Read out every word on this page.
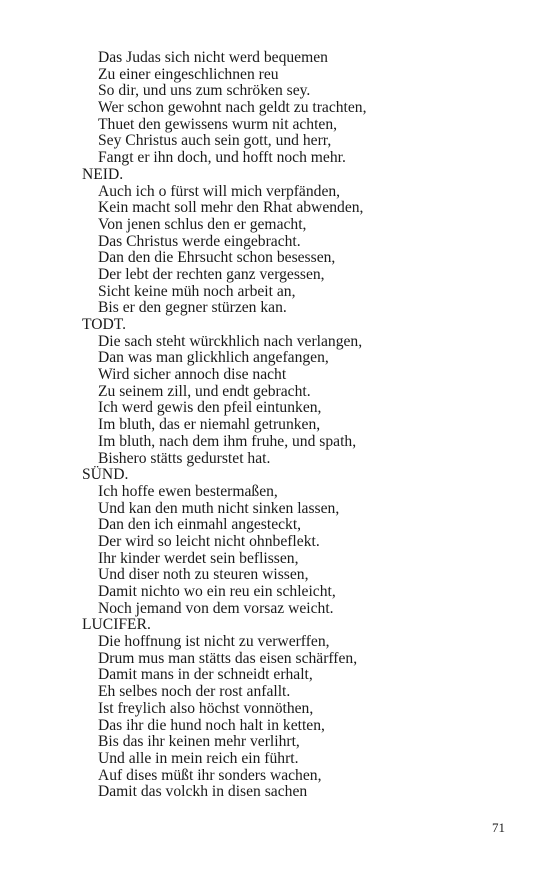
Das Judas sich nicht werd bequemen

Zu einer eingeschlichnen reu

So dir, und uns zum schröken sey.

Wer schon gewohnt nach geldt zu trachten,

Thuet den gewissens wurm nit achten,

Sey Christus auch sein gott, und herr,

Fangt er ihn doch, und hofft noch mehr.

NEID.

Auch ich o fürst will mich verpfänden,

Kein macht soll mehr den Rhat abwenden,

Von jenen schlus den er gemacht,

Das Christus werde eingebracht.

Dan den die Ehrsucht schon besessen,

Der lebt der rechten ganz vergessen,

Sicht keine müh noch arbeit an,

Bis er den gegner stürzen kan.

TODT.

Die sach steht würckhlich nach verlangen,

Dan was man glickhlich angefangen,

Wird sicher annoch dise nacht

Zu seinem zill, und endt gebracht.

Ich werd gewis den pfeil eintunken,

Im bluth, das er niemahl getrunken,

Im bluth, nach dem ihm fruhe, und spath,

Bishero stätts gedurstet hat.

SÜND.

Ich hoffe ewen bestermaßen,

Und kan den muth nicht sinken lassen,

Dan den ich einmahl angesteckt,

Der wird so leicht nicht ohnbeflekt.

Ihr kinder werdet sein beflissen,

Und diser noth zu steuren wissen,

Damit nichto wo ein reu ein schleicht,

Noch jemand von dem vorsaz weicht.

LUCIFER.

Die hoffnung ist nicht zu verwerffen,

Drum mus man stätts das eisen schärffen,

Damit mans in der schneidt erhalt,

Eh selbes noch der rost anfallt.

Ist freylich also höchst vonnöthen,

Das ihr die hund noch halt in ketten,

Bis das ihr keinen mehr verlihrt,

Und alle in mein reich ein führt.

Auf dises müßt ihr sonders wachen,

Damit das volckh in disen sachen

71
